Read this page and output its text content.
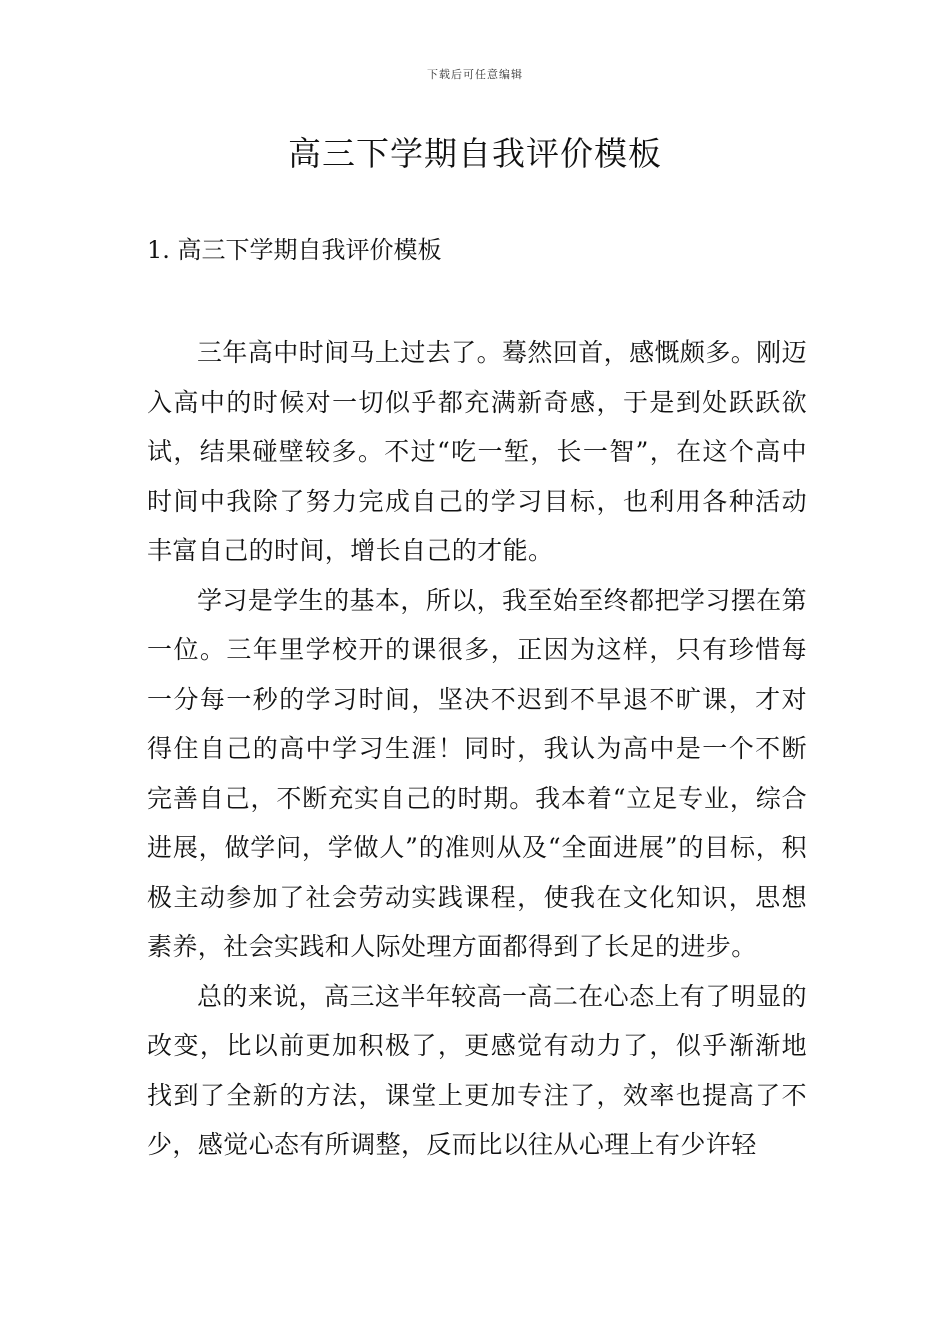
下载后可任意编辑
高三下学期自我评价模板
1. 高三下学期自我评价模板

三年高中时间马上过去了。蓦然回首，感慨颇多。刚迈入高中的时候对一切似乎都充满新奇感，于是到处跃跃欲试，结果碰壁较多。不过“吃一堑，长一智”，在这个高中时间中我除了努力完成自己的学习目标，也利用各种活动丰富自己的时间，增长自己的才能。

学习是学生的基本，所以，我至始至终都把学习摆在第一位。三年里学校开的课很多，正因为这样，只有珍惜每一分每一秒的学习时间，坚决不迟到不早退不旷课，才对得住自己的高中学习生涯！同时，我认为高中是一个不断完善自己，不断充实自己的时期。我本着“立足专业，综合进展，做学问，学做人”的准则从及“全面进展”的目标，积极主动参加了社会劳动实践课程，使我在文化知识，思想素养，社会实践和人际处理方面都得到了长足的进步。

总的来说，高三这半年较高一高二在心态上有了明显的改变，比以前更加积极了，更感觉有动力了，似乎渐渐地找到了全新的方法，课堂上更加专注了，效率也提高了不少，感觉心态有所调整，反而比以往从心理上有少许轻
